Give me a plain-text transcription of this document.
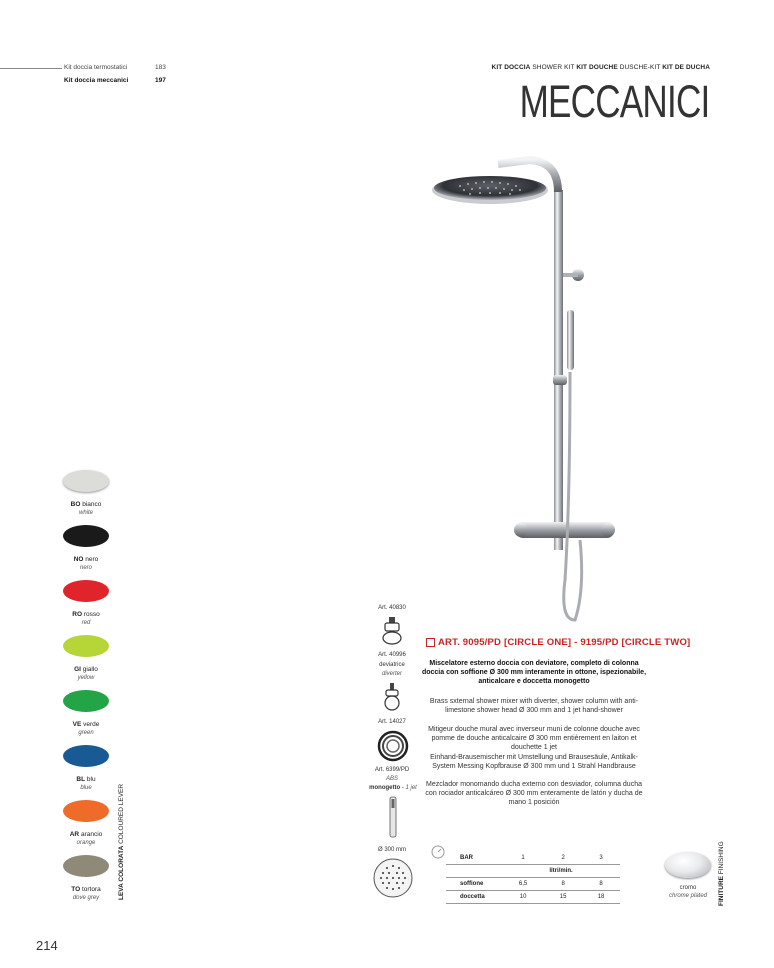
Kit doccia termostatici	183
Kit doccia meccanici	197
KIT DOCCIA SHOWER KIT KIT DOUCHE DUSCHE-KIT KIT DE DUCHA
MECCANICI
BO bianco
white
NO nero
nero
RO rosso
red
GI giallo
yellow
VE verde
green
BL blu
blue
AR arancio
orange
TO tortora
dove grey	LEVA COLORATA COLOURED LEVER
Art. 40830
Art. 40996
deviatrice
diverter
Art. 14027
Art. 6399/PD
ABS
monogetto - 1 jet
Ø 300 mm
ART. 9095/PD [CIRCLE ONE] - 9195/PD [CIRCLE TWO]
Miscelatore esterno doccia con deviatore, completo di colonna doccia con soffione Ø 300 mm interamente in ottone, ispezionabile, anticalcare e doccetta monogetto
Brass sxternal shower mixer with diverter, shower column with anti-limestone shower head Ø 300 mm and 1 jet hand-shower
Mitigeur douche mural avec inverseur muni de colonne douche avec pomme de douche anticalcaire Ø 300 mm entièrement en laiton et douchette 1 jet
Einhand-Brausemischer mit Umstellung und Brausesäule, Antikalk-System Messing Kopfbrause Ø 300 mm und 1 Strahl Handbrause
Mezclador monomando ducha externo con desviador, columna ducha con rociador anticalcáreo Ø 300 mm enteramente de latón y ducha de mano 1 posición
BAR	1	2	3
	litri/min.		
soffione	6,5	8	8
doccetta	10	15	18
cromo
chrome plated	FINITURE FINISHING
214
